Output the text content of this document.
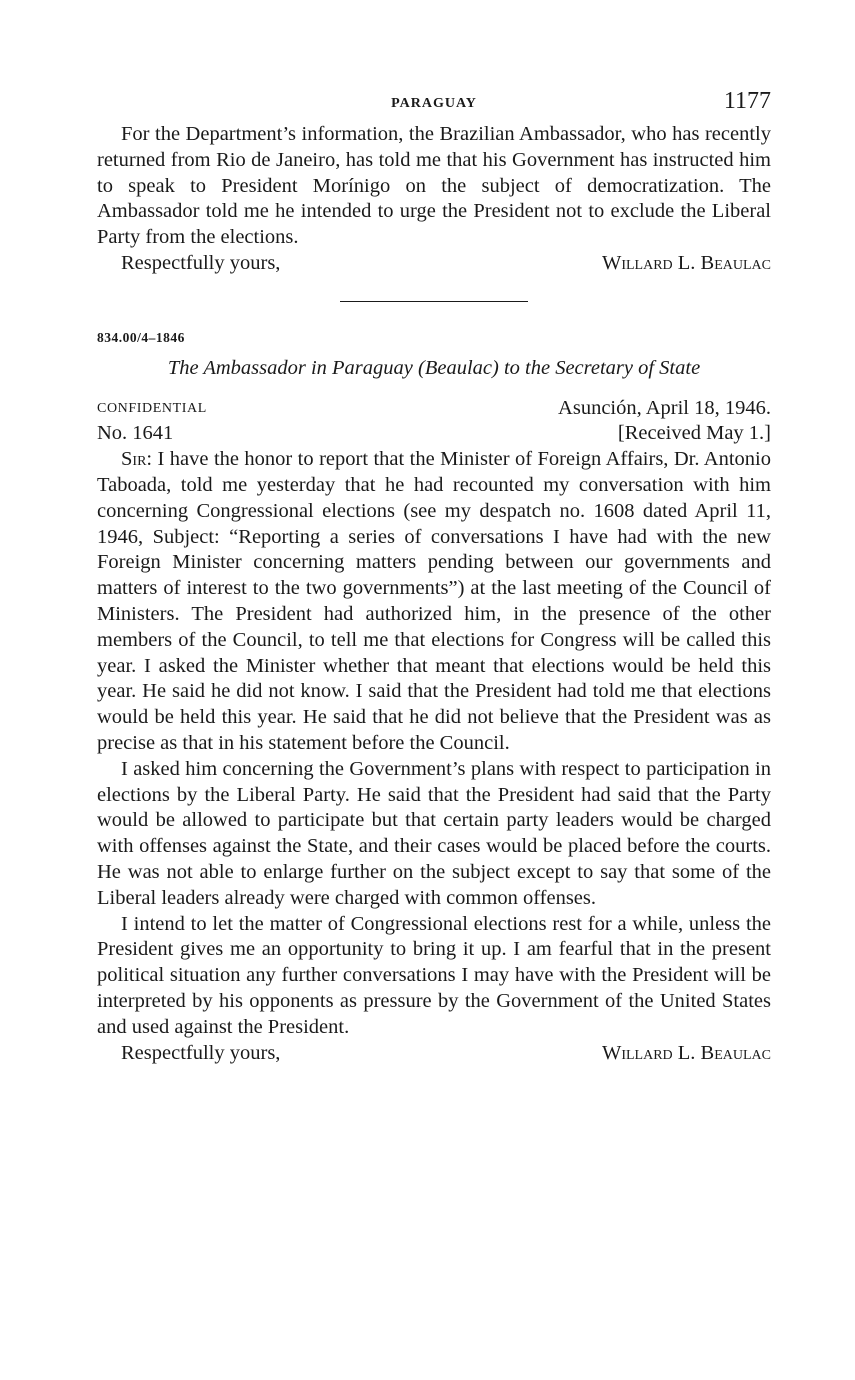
PARAGUAY	1177

For the Department’s information, the Brazilian Ambassador, who has recently returned from Rio de Janeiro, has told me that his Government has instructed him to speak to President Morínigo on the subject of democratization. The Ambassador told me he intended to urge the President not to exclude the Liberal Party from the elections.

Respectfully yours,	Willard L. Beaulac
834.00/4–1846
The Ambassador in Paraguay (Beaulac) to the Secretary of State
CONFIDENTIAL	Asunción, April 18, 1946.
No. 1641	[Received May 1.]

Sir: I have the honor to report that the Minister of Foreign Affairs, Dr. Antonio Taboada, told me yesterday that he had recounted my conversation with him concerning Congressional elections (see my despatch no. 1608 dated April 11, 1946, Subject: “Reporting a series of conversations I have had with the new Foreign Minister concerning matters pending between our governments and matters of interest to the two governments”) at the last meeting of the Council of Ministers. The President had authorized him, in the presence of the other members of the Council, to tell me that elections for Congress will be called this year. I asked the Minister whether that meant that elections would be held this year. He said he did not know. I said that the President had told me that elections would be held this year. He said that he did not believe that the President was as precise as that in his statement before the Council.

I asked him concerning the Government’s plans with respect to participation in elections by the Liberal Party. He said that the President had said that the Party would be allowed to participate but that certain party leaders would be charged with offenses against the State, and their cases would be placed before the courts. He was not able to enlarge further on the subject except to say that some of the Liberal leaders already were charged with common offenses.

I intend to let the matter of Congressional elections rest for a while, unless the President gives me an opportunity to bring it up. I am fearful that in the present political situation any further conversations I may have with the President will be interpreted by his opponents as pressure by the Government of the United States and used against the President.

Respectfully yours,	Willard L. Beaulac
